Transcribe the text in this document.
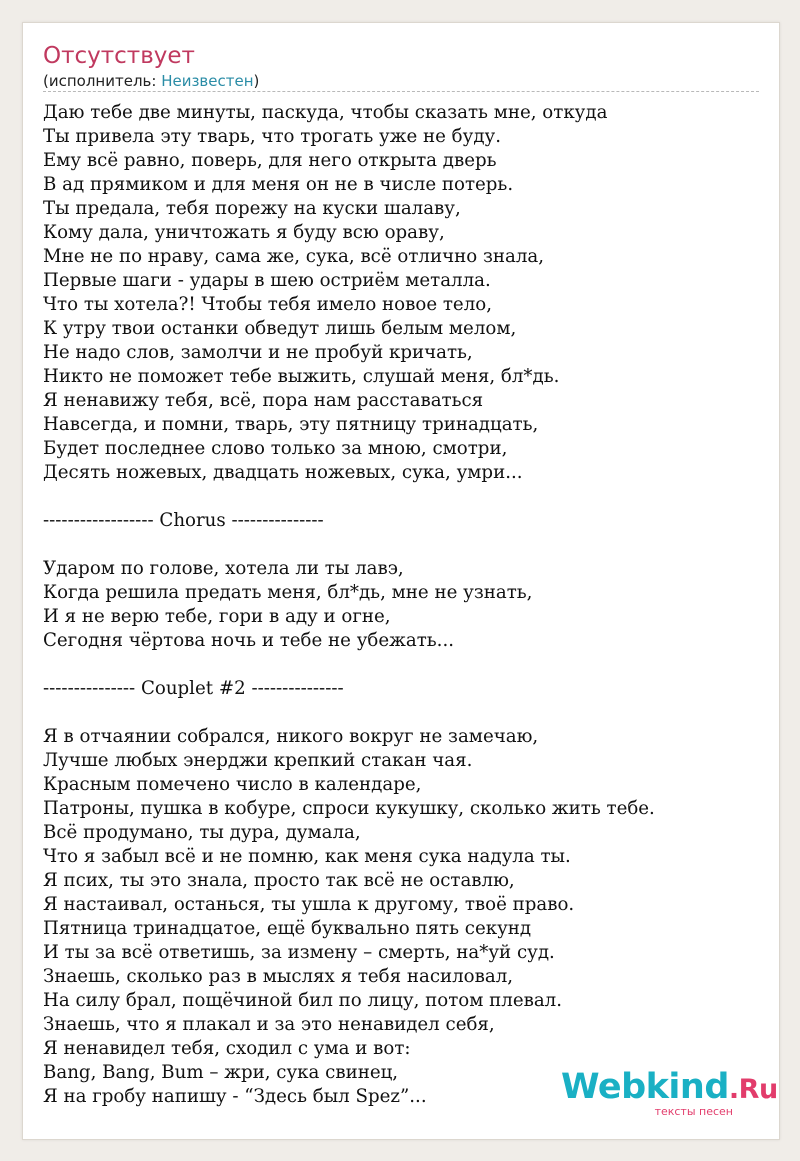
Отсутствует
(исполнитель: Неизвестен)
Даю тебе две минуты, паскуда, чтобы сказать мне, откуда
Ты привела эту тварь, что трогать уже не буду.
Ему всё равно, поверь, для него открыта дверь
В ад прямиком и для меня он не в числе потерь.
Ты предала, тебя порежу на куски шалаву,
Кому дала, уничтожать я буду всю ораву,
Мне не по нраву, сама же, сука, всё отлично знала,
Первые шаги - удары в шею остриём металла.
Что ты хотела?! Чтобы тебя имело новое тело,
К утру твои останки обведут лишь белым мелом,
Не надо слов, замолчи и не пробуй кричать,
Никто не поможет тебе выжить, слушай меня, бл*дь.
Я ненавижу тебя, всё, пора нам расставаться
Навсегда, и помни, тварь, эту пятницу тринадцать,
Будет последнее слово только за мною, смотри,
Десять ножевых, двадцать ножевых, сука, умри...
------------------ Chorus ---------------
Ударом по голове, хотела ли ты лавэ,
Когда решила предать меня, бл*дь, мне не узнать,
И я не верю тебе, гори в аду и огне,
Сегодня чёртова ночь и тебе не убежать...
--------------- Couplet #2 ---------------
Я в отчаянии собрался, никого вокруг не замечаю,
Лучше любых энерджи крепкий стакан чая.
Красным помечено число в календаре,
Патроны, пушка в кобуре, спроси кукушку, сколько жить тебе.
Всё продумано, ты дура, думала,
Что я забыл всё и не помню, как меня сука надула ты.
Я псих, ты это знала, просто так всё не оставлю,
Я настаивал, останься, ты ушла к другому, твоё право.
Пятница тринадцатое, ещё буквально пять секунд
И ты за всё ответишь, за измену – смерть, на*уй суд.
Знаешь, сколько раз в мыслях я тебя насиловал,
На силу брал, пощёчиной бил по лицу, потом плевал.
Знаешь, что я плакал и за это ненавидел себя,
Я ненавидел тебя, сходил с ума и вот:
Bang, Bang, Bum – жри, сука свинец,
Я на гробу напишу - “Здесь был Spez”...	Webkind.Ru
тексты песен
